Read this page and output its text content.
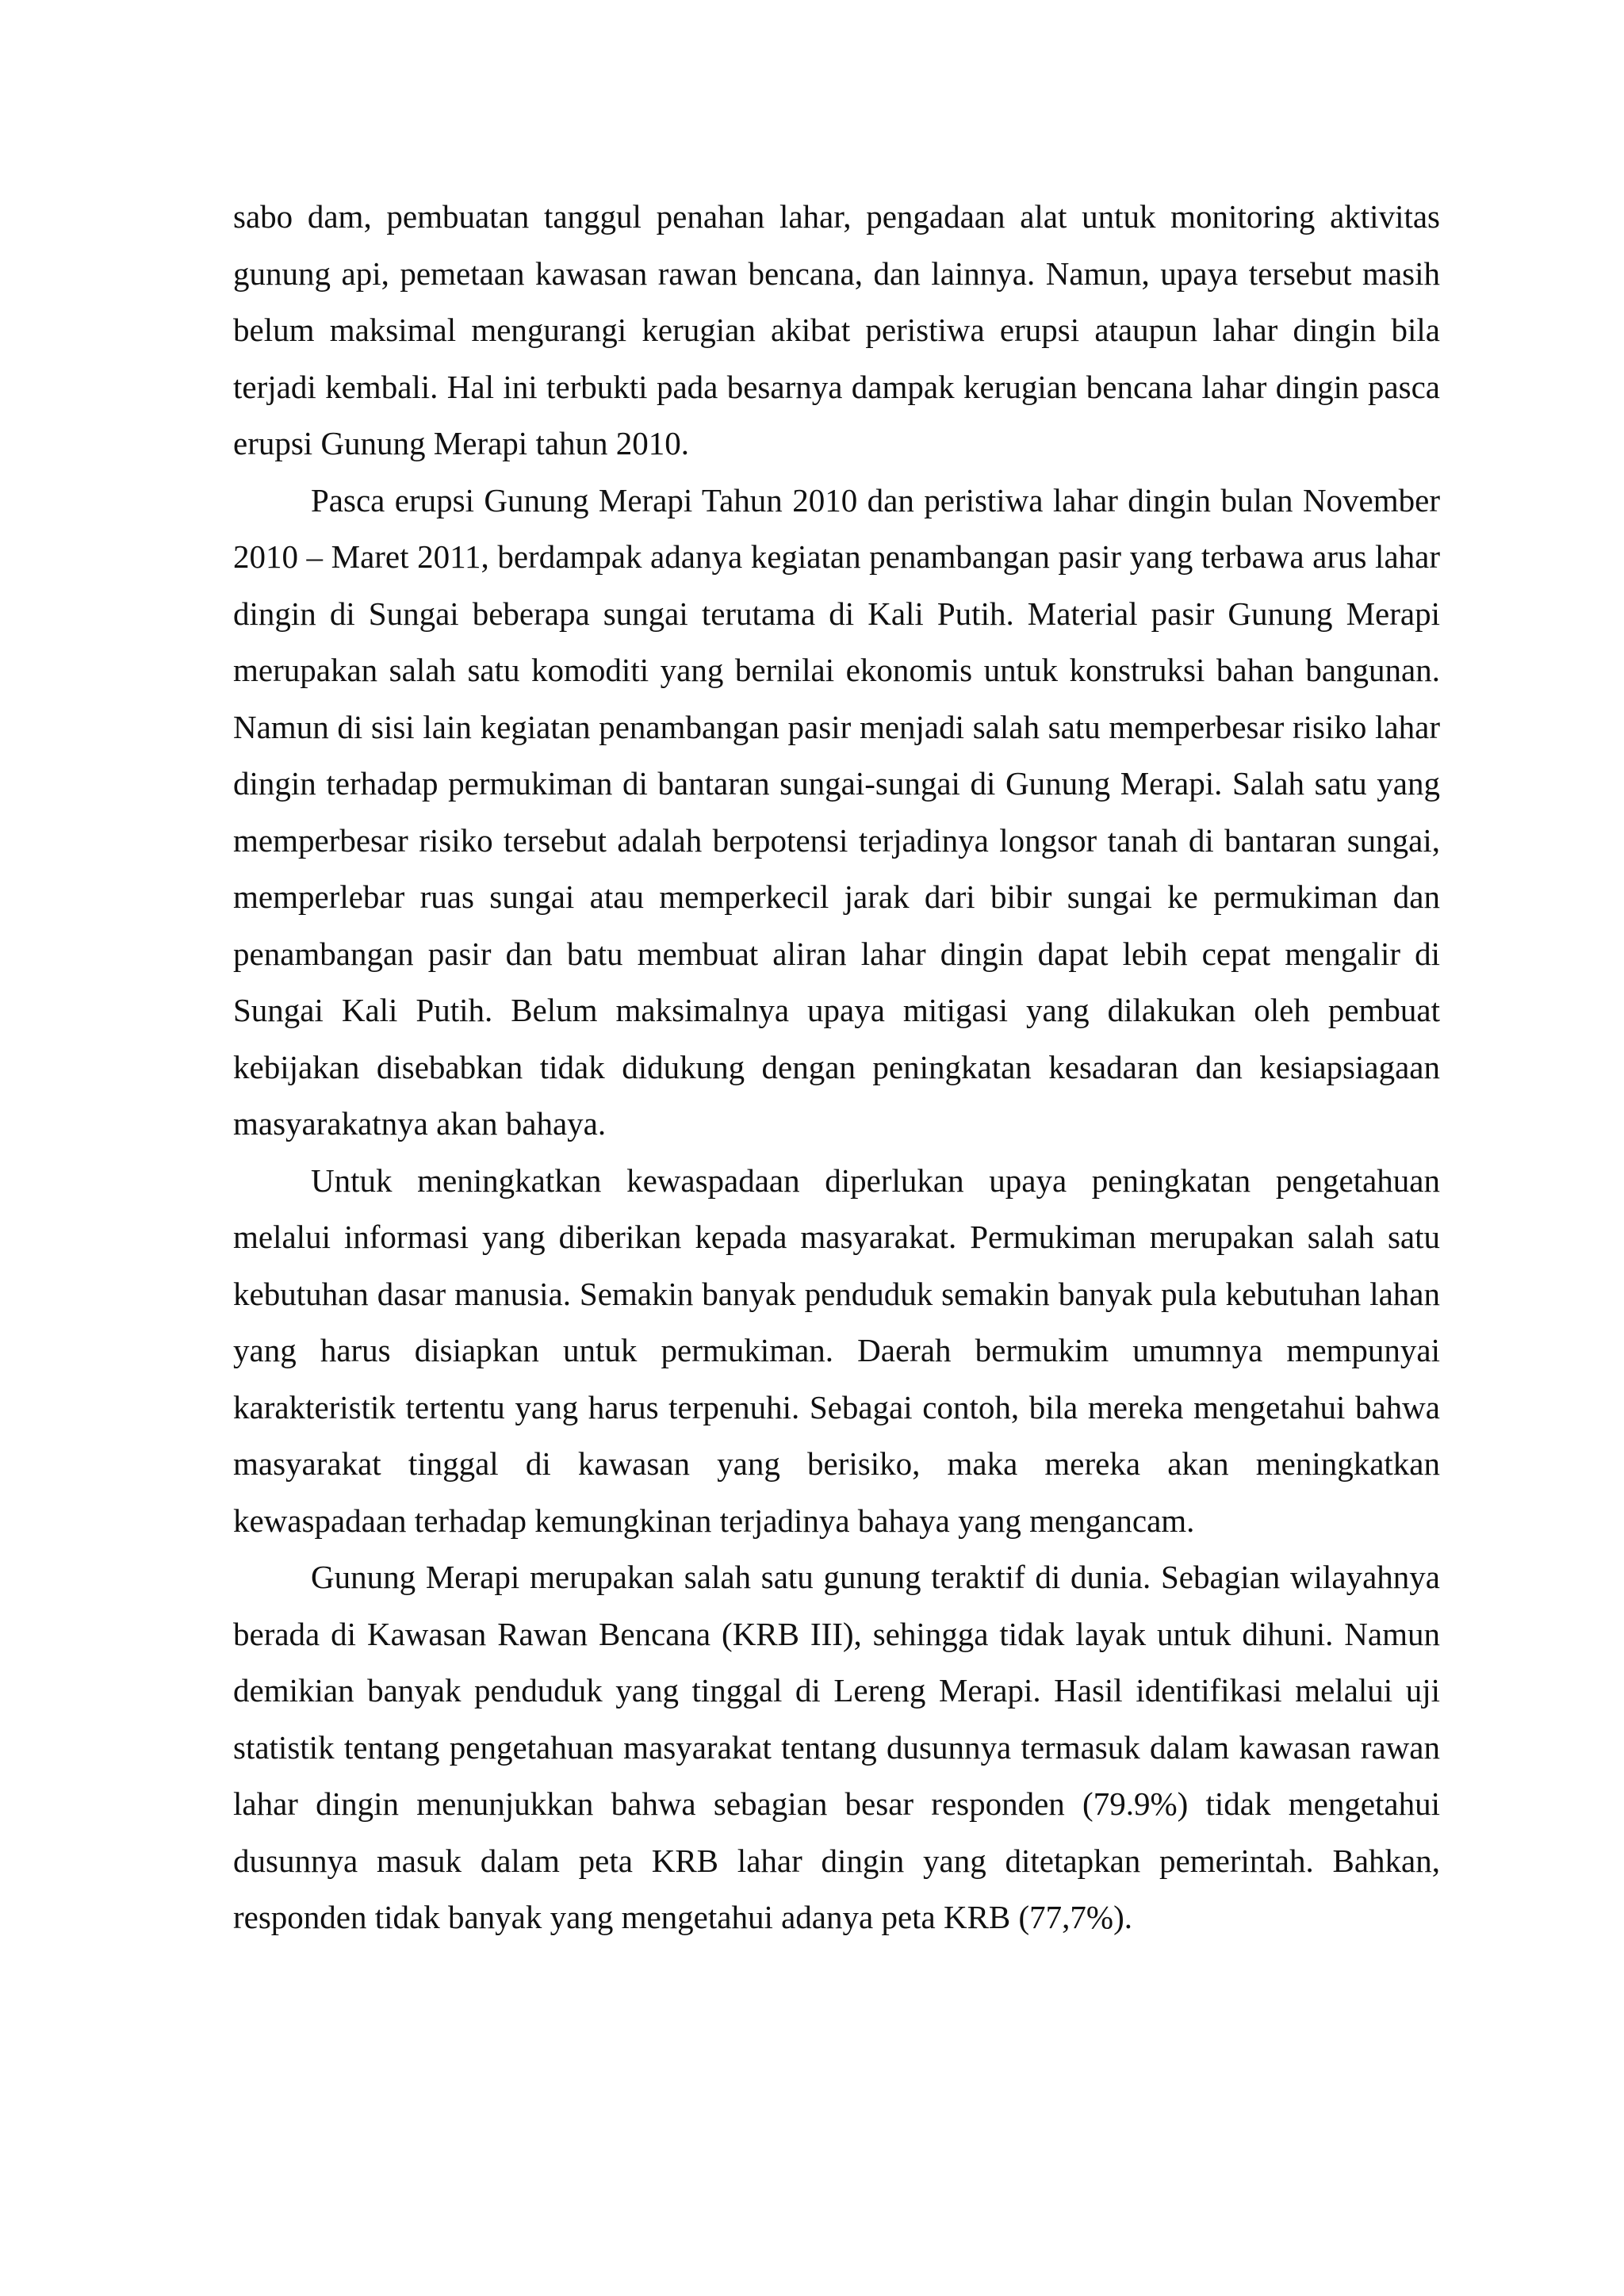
sabo dam, pembuatan tanggul penahan lahar, pengadaan alat untuk monitoring aktivitas gunung api, pemetaan kawasan rawan bencana, dan lainnya. Namun, upaya tersebut masih belum maksimal mengurangi kerugian akibat peristiwa erupsi ataupun lahar dingin bila terjadi kembali. Hal ini terbukti pada besarnya dampak kerugian bencana lahar dingin pasca erupsi Gunung Merapi tahun 2010.

Pasca erupsi Gunung Merapi Tahun 2010 dan peristiwa lahar dingin bulan November 2010 – Maret 2011, berdampak adanya kegiatan penambangan pasir yang terbawa arus lahar dingin di Sungai beberapa sungai terutama di Kali Putih. Material pasir Gunung Merapi merupakan salah satu komoditi yang bernilai ekonomis untuk konstruksi bahan bangunan. Namun di sisi lain kegiatan penambangan pasir menjadi salah satu memperbesar risiko lahar dingin terhadap permukiman di bantaran sungai-sungai di Gunung Merapi. Salah satu yang memperbesar risiko tersebut adalah berpotensi terjadinya longsor tanah di bantaran sungai, memperlebar ruas sungai atau memperkecil jarak dari bibir sungai ke permukiman dan penambangan pasir dan batu membuat aliran lahar dingin dapat lebih cepat mengalir di Sungai Kali Putih. Belum maksimalnya upaya mitigasi yang dilakukan oleh pembuat kebijakan disebabkan tidak didukung dengan peningkatan kesadaran dan kesiapsiagaan masyarakatnya akan bahaya.

Untuk meningkatkan kewaspadaan diperlukan upaya peningkatan pengetahuan melalui informasi yang diberikan kepada masyarakat. Permukiman merupakan salah satu kebutuhan dasar manusia. Semakin banyak penduduk semakin banyak pula kebutuhan lahan yang harus disiapkan untuk permukiman. Daerah bermukim umumnya mempunyai karakteristik tertentu yang harus terpenuhi. Sebagai contoh, bila mereka mengetahui bahwa masyarakat tinggal di kawasan yang berisiko, maka mereka akan meningkatkan kewaspadaan terhadap kemungkinan terjadinya bahaya yang mengancam.

Gunung Merapi merupakan salah satu gunung teraktif di dunia. Sebagian wilayahnya berada di Kawasan Rawan Bencana (KRB III), sehingga tidak layak untuk dihuni. Namun demikian banyak penduduk yang tinggal di Lereng Merapi. Hasil identifikasi melalui uji statistik tentang pengetahuan masyarakat tentang dusunnya termasuk dalam kawasan rawan lahar dingin menunjukkan bahwa sebagian besar responden (79.9%) tidak mengetahui dusunnya masuk dalam peta KRB lahar dingin yang ditetapkan pemerintah. Bahkan, responden tidak banyak yang mengetahui adanya peta KRB (77,7%).
